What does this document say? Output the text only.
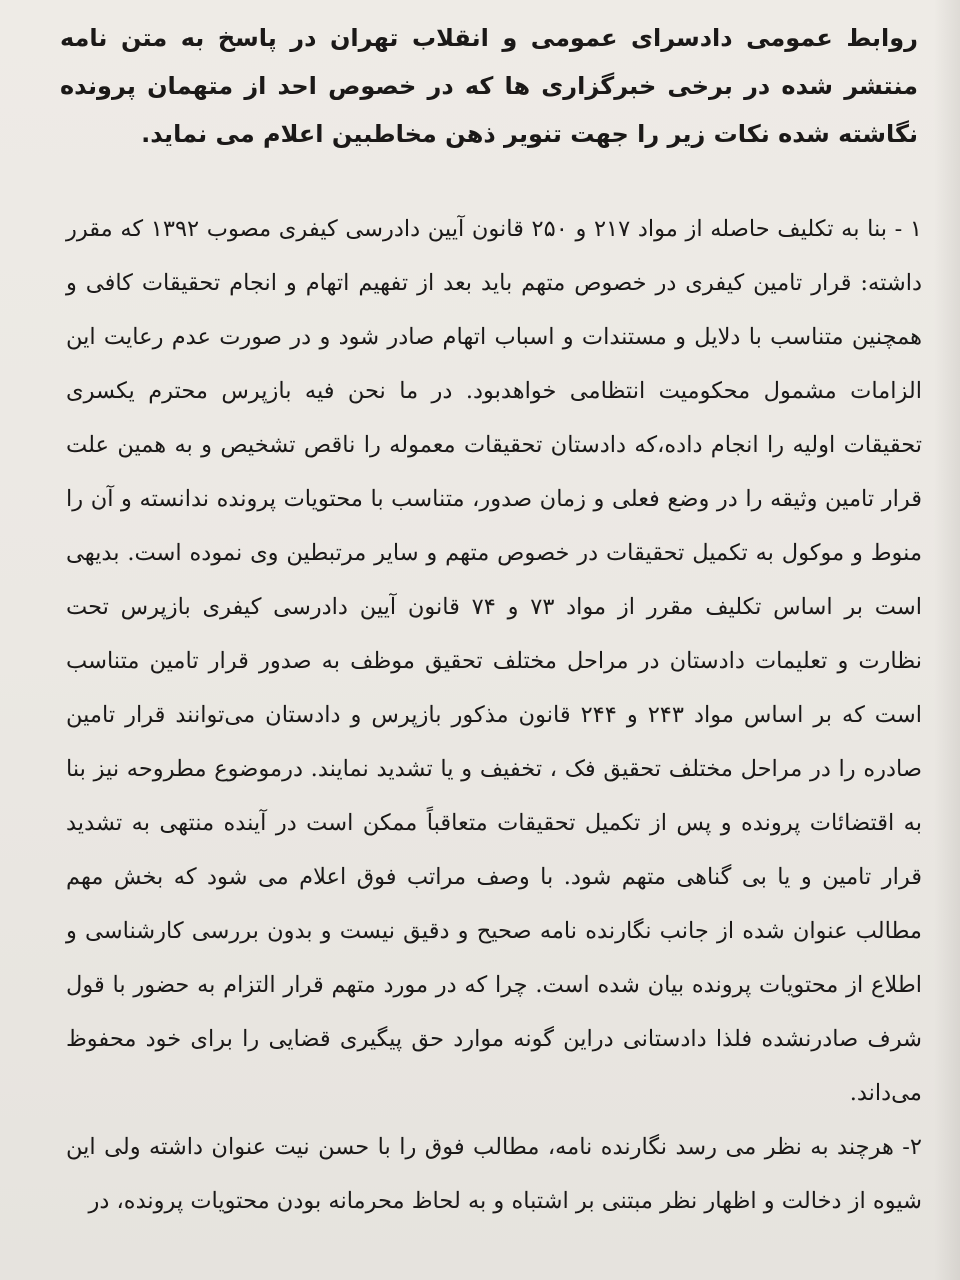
روابط عمومی دادسرای عمومی و انقلاب تهران در پاسخ به متن نامه منتشر شده در برخی خبرگزاری ها که در خصوص احد از متهمان پرونده نگاشته شده نکات زیر را جهت تنویر ذهن مخاطبین اعلام می نماید.

۱ - بنا به تکلیف حاصله از مواد ۲۱۷ و ۲۵۰ قانون آیین دادرسی کیفری مصوب ۱۳۹۲ که مقرر داشته: قرار تامین کیفری در خصوص متهم باید بعد از تفهیم اتهام و انجام تحقیقات کافی و همچنین متناسب با دلایل و مستندات و اسباب اتهام صادر شود و در صورت عدم رعایت این الزامات مشمول محکومیت انتظامی خواهدبود. در ما نحن فیه بازپرس محترم یکسری تحقیقات اولیه را انجام داده،که دادستان تحقیقات معموله را ناقص تشخیص و به همین علت قرار تامین وثیقه را در وضع فعلی و زمان صدور، متناسب با محتویات پرونده ندانسته و آن را منوط و موکول به تکمیل تحقیقات در خصوص متهم و سایر مرتبطین وی نموده است. بدیهی است بر اساس تکلیف مقرر از مواد ۷۳ و ۷۴ قانون آیین دادرسی کیفری بازپرس تحت نظارت و تعلیمات دادستان در مراحل مختلف تحقیق موظف به صدور قرار تامین متناسب است که بر اساس مواد ۲۴۳ و ۲۴۴ قانون مذکور بازپرس و دادستان می‌توانند قرار تامین صادره را در مراحل مختلف تحقیق فک ، تخفیف و یا تشدید نمایند. درموضوع مطروحه نیز بنا به اقتضائات پرونده و پس از تکمیل تحقیقات متعاقباً ممکن است در آینده منتهی به تشدید قرار تامین و یا بی گناهی متهم شود. با وصف مراتب فوق اعلام می شود که بخش مهم مطالب عنوان شده از جانب نگارنده نامه صحیح و دقیق نیست و بدون بررسی کارشناسی و اطلاع از محتویات پرونده بیان شده است. چرا که در مورد متهم قرار التزام به حضور با قول شرف صادرنشده فلذا دادستانی دراین گونه موارد حق پیگیری قضایی را برای خود محفوظ می‌داند.

۲- هرچند به نظر می رسد نگارنده نامه، مطالب فوق را با حسن نیت عنوان داشته ولی این شیوه از دخالت و اظهار نظر مبتنی بر اشتباه و به لحاظ محرمانه بودن محتویات پرونده، در
